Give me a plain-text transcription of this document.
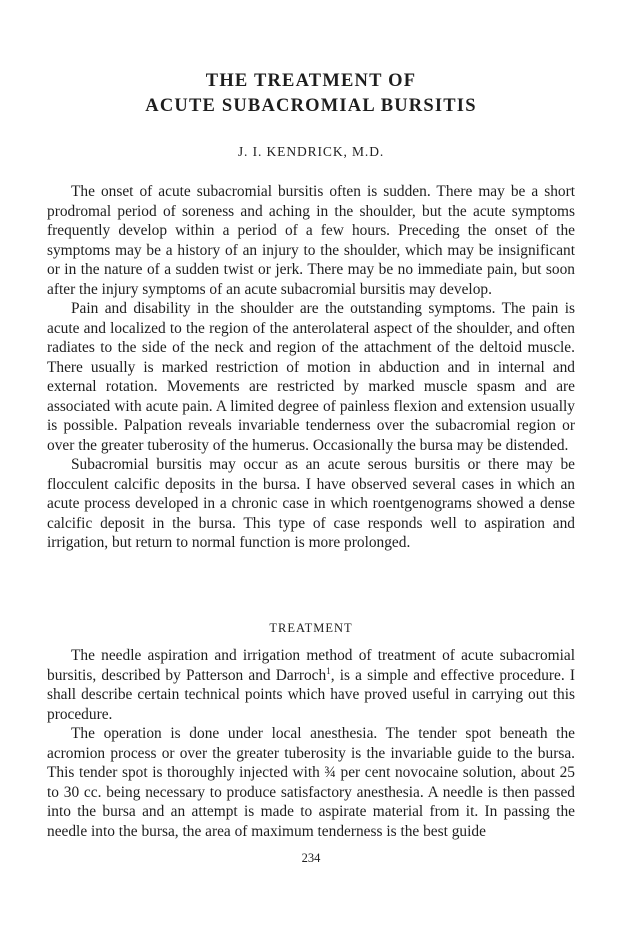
THE TREATMENT OF
ACUTE SUBACROMIAL BURSITIS

J. I. KENDRICK, M.D.

The onset of acute subacromial bursitis often is sudden. There may be a short prodromal period of soreness and aching in the shoulder, but the acute symptoms frequently develop within a period of a few hours. Preceding the onset of the symptoms may be a history of an injury to the shoulder, which may be insignificant or in the nature of a sudden twist or jerk. There may be no immediate pain, but soon after the injury symptoms of an acute subacromial bursitis may develop.

Pain and disability in the shoulder are the outstanding symptoms. The pain is acute and localized to the region of the anterolateral aspect of the shoulder, and often radiates to the side of the neck and region of the attachment of the deltoid muscle. There usually is marked restriction of motion in abduction and in internal and external rotation. Movements are restricted by marked muscle spasm and are associated with acute pain. A limited degree of painless flexion and extension usually is possible. Palpation reveals invariable tenderness over the subacromial region or over the greater tuberosity of the humerus. Occasionally the bursa may be distended.

Subacromial bursitis may occur as an acute serous bursitis or there may be flocculent calcific deposits in the bursa. I have observed several cases in which an acute process developed in a chronic case in which roentgenograms showed a dense calcific deposit in the bursa. This type of case responds well to aspiration and irrigation, but return to normal function is more prolonged.

TREATMENT

The needle aspiration and irrigation method of treatment of acute subacromial bursitis, described by Patterson and Darroch$^1$, is a simple and effective procedure. I shall describe certain technical points which have proved useful in carrying out this procedure.

The operation is done under local anesthesia. The tender spot beneath the acromion process or over the greater tuberosity is the invariable guide to the bursa. This tender spot is thoroughly injected with ¾ per cent novocaine solution, about 25 to 30 cc. being necessary to produce satisfactory anesthesia. A needle is then passed into the bursa and an attempt is made to aspirate material from it. In passing the needle into the bursa, the area of maximum tenderness is the best guide

234
